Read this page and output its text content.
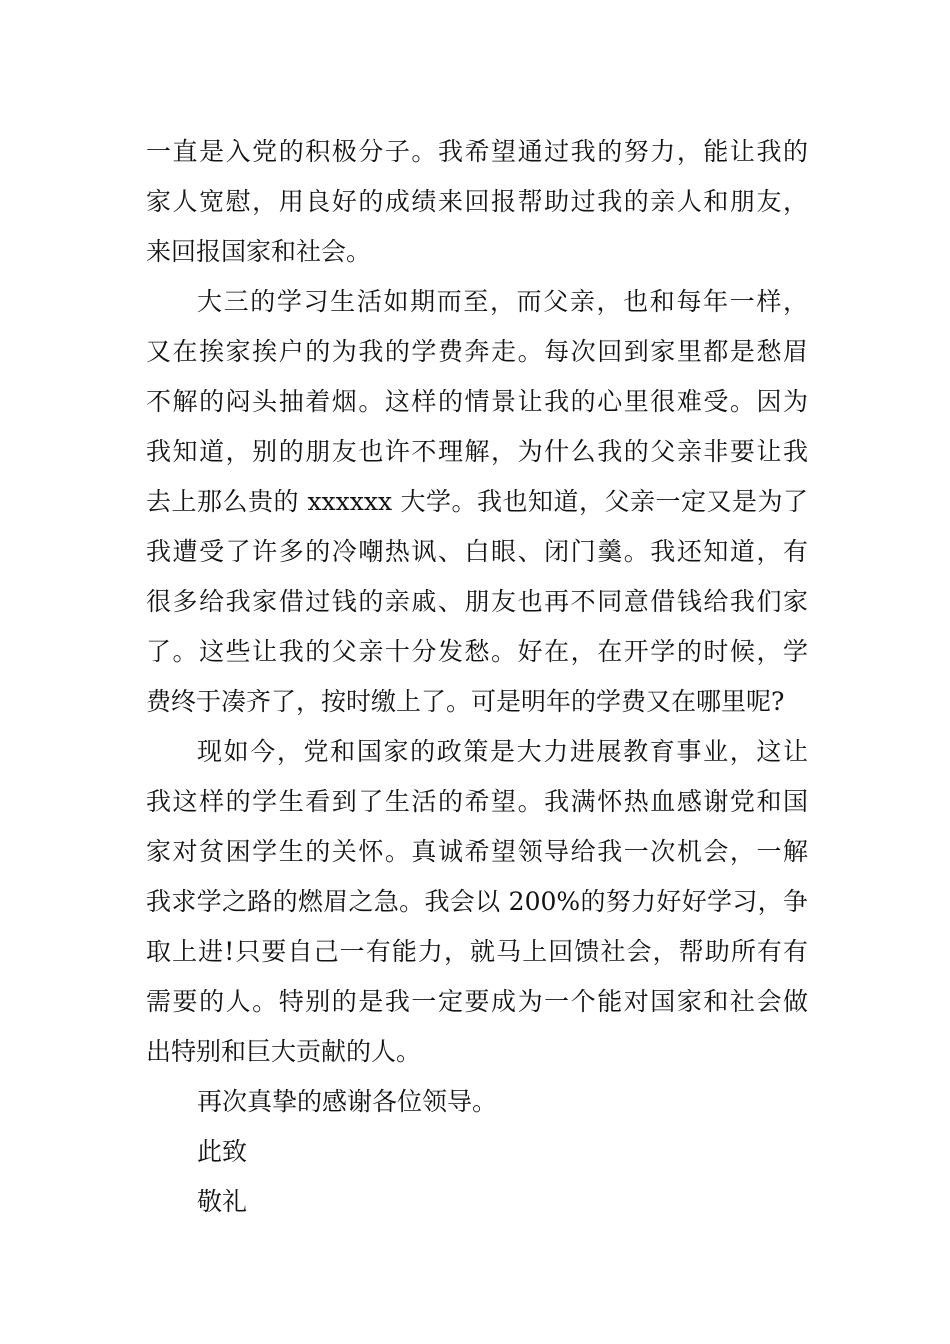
一直是入党的积极分子。我希望通过我的努力，能让我的
家人宽慰，用良好的成绩来回报帮助过我的亲人和朋友，
来回报国家和社会。
大三的学习生活如期而至，而父亲，也和每年一样，
又在挨家挨户的为我的学费奔走。每次回到家里都是愁眉
不解的闷头抽着烟。这样的情景让我的心里很难受。因为
我知道，别的朋友也许不理解，为什么我的父亲非要让我
去上那么贵的 xxxxxx 大学。我也知道，父亲一定又是为了
我遭受了许多的冷嘲热讽、白眼、闭门羹。我还知道，有
很多给我家借过钱的亲戚、朋友也再不同意借钱给我们家
了。这些让我的父亲十分发愁。好在，在开学的时候，学
费终于凑齐了，按时缴上了。可是明年的学费又在哪里呢?
现如今，党和国家的政策是大力进展教育事业，这让
我这样的学生看到了生活的希望。我满怀热血感谢党和国
家对贫困学生的关怀。真诚希望领导给我一次机会，一解
我求学之路的燃眉之急。我会以 200%的努力好好学习，争
取上进!只要自己一有能力，就马上回馈社会，帮助所有有
需要的人。特别的是我一定要成为一个能对国家和社会做
出特别和巨大贡献的人。
再次真挚的感谢各位领导。
此致
敬礼
